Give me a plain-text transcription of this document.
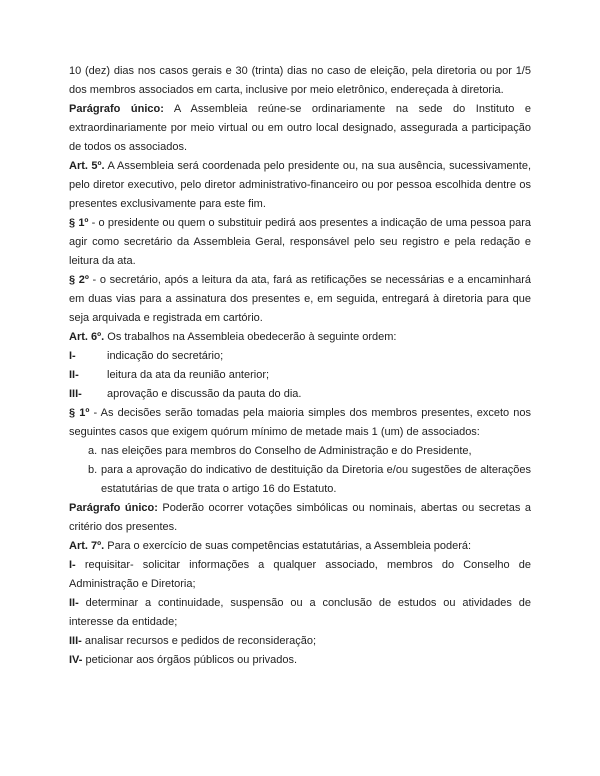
10 (dez) dias nos casos gerais e 30 (trinta) dias no caso de eleição, pela diretoria ou por 1/5 dos membros associados em carta, inclusive por meio eletrônico, endereçada à diretoria.

Parágrafo único: A Assembleia reúne-se ordinariamente na sede do Instituto e extraordinariamente por meio virtual ou em outro local designado, assegurada a participação de todos os associados.

Art. 5º. A Assembleia será coordenada pelo presidente ou, na sua ausência, sucessivamente, pelo diretor executivo, pelo diretor administrativo-financeiro ou por pessoa escolhida dentre os presentes exclusivamente para este fim.

§ 1º - o presidente ou quem o substituir pedirá aos presentes a indicação de uma pessoa para agir como secretário da Assembleia Geral, responsável pelo seu registro e pela redação e leitura da ata.

§ 2º - o secretário, após a leitura da ata, fará as retificações se necessárias e a encaminhará em duas vias para a assinatura dos presentes e, em seguida, entregará à diretoria para que seja arquivada e registrada em cartório.

Art. 6º. Os trabalhos na Assembleia obedecerão à seguinte ordem:

I-	indicação do secretário;

II-	leitura da ata da reunião anterior;

III- aprovação e discussão da pauta do dia.

§ 1º - As decisões serão tomadas pela maioria simples dos membros presentes, exceto nos seguintes casos que exigem quórum mínimo de metade mais 1 (um) de associados:

a. nas eleições para membros do Conselho de Administração e do Presidente,

b. para a aprovação do indicativo de destituição da Diretoria e/ou sugestões de alterações estatutárias de que trata o artigo 16 do Estatuto.

Parágrafo único: Poderão ocorrer votações simbólicas ou nominais, abertas ou secretas a critério dos presentes.

Art. 7º. Para o exercício de suas competências estatutárias, a Assembleia poderá:

I- requisitar- solicitar informações a qualquer associado, membros do Conselho de Administração e Diretoria;

II- determinar a continuidade, suspensão ou a conclusão de estudos ou atividades de interesse da entidade;

III- analisar recursos e pedidos de reconsideração;

IV- peticionar aos órgãos públicos ou privados.
